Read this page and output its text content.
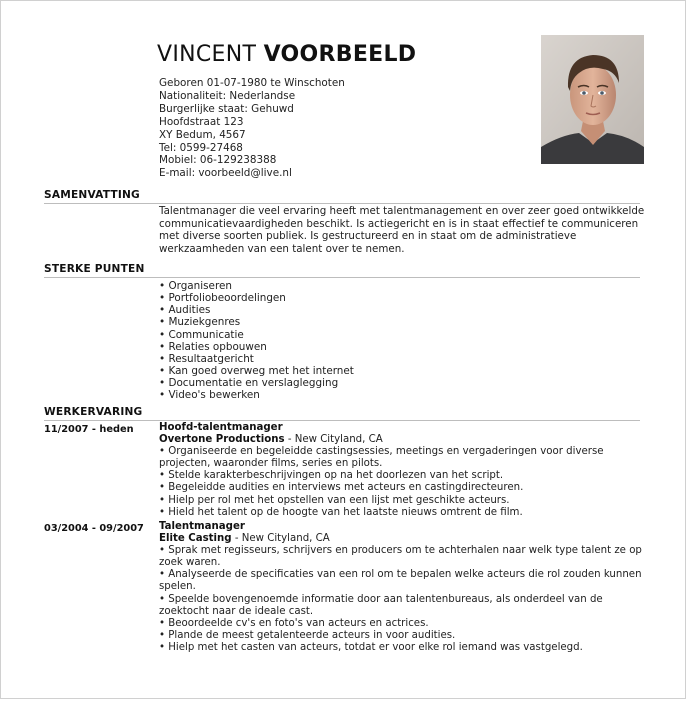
VINCENT VOORBEELD
Geboren 01-07-1980 te Winschoten
Nationaliteit: Nederlandse
Burgerlijke staat: Gehuwd
Hoofdstraat 123
XY Bedum, 4567
Tel: 0599-27468
Mobiel: 06-129238388
E-mail: voorbeeld@live.nl
SAMENVATTING
Talentmanager die veel ervaring heeft met talentmanagement en over zeer goed ontwikkelde communicatievaardigheden beschikt. Is actiegericht en is in staat effectief te communiceren met diverse soorten publiek. Is gestructureerd en in staat om de administratieve werkzaamheden van een talent over te nemen.
STERKE PUNTEN
• Organiseren
• Portfoliobeoordelingen
• Audities
• Muziekgenres
• Communicatie
• Relaties opbouwen
• Resultaatgericht
• Kan goed overweg met het internet
• Documentatie en verslaglegging
• Video's bewerken
WERKERVARING
11/2007 - heden Hoofd-talentmanager
Overtone Productions - New Cityland, CA
• Organiseerde en begeleidde castingsessies, meetings en vergaderingen voor diverse projecten, waaronder films, series en pilots.
• Stelde karakterbeschrijvingen op na het doorlezen van het script.
• Begeleidde audities en interviews met acteurs en castingdirecteuren.
• Hielp per rol met het opstellen van een lijst met geschikte acteurs.
• Hield het talent op de hoogte van het laatste nieuws omtrent de film.
03/2004 - 09/2007 Talentmanager
Elite Casting - New Cityland, CA
• Sprak met regisseurs, schrijvers en producers om te achterhalen naar welk type talent ze op zoek waren.
• Analyseerde de specificaties van een rol om te bepalen welke acteurs die rol zouden kunnen spelen.
• Speelde bovengenoemde informatie door aan talentenbureaus, als onderdeel van de zoektocht naar de ideale cast.
• Beoordeelde cv's en foto's van acteurs en actrices.
• Plande de meest getalenteerde acteurs in voor audities.
• Hielp met het casten van acteurs, totdat er voor elke rol iemand was vastgelegd.
